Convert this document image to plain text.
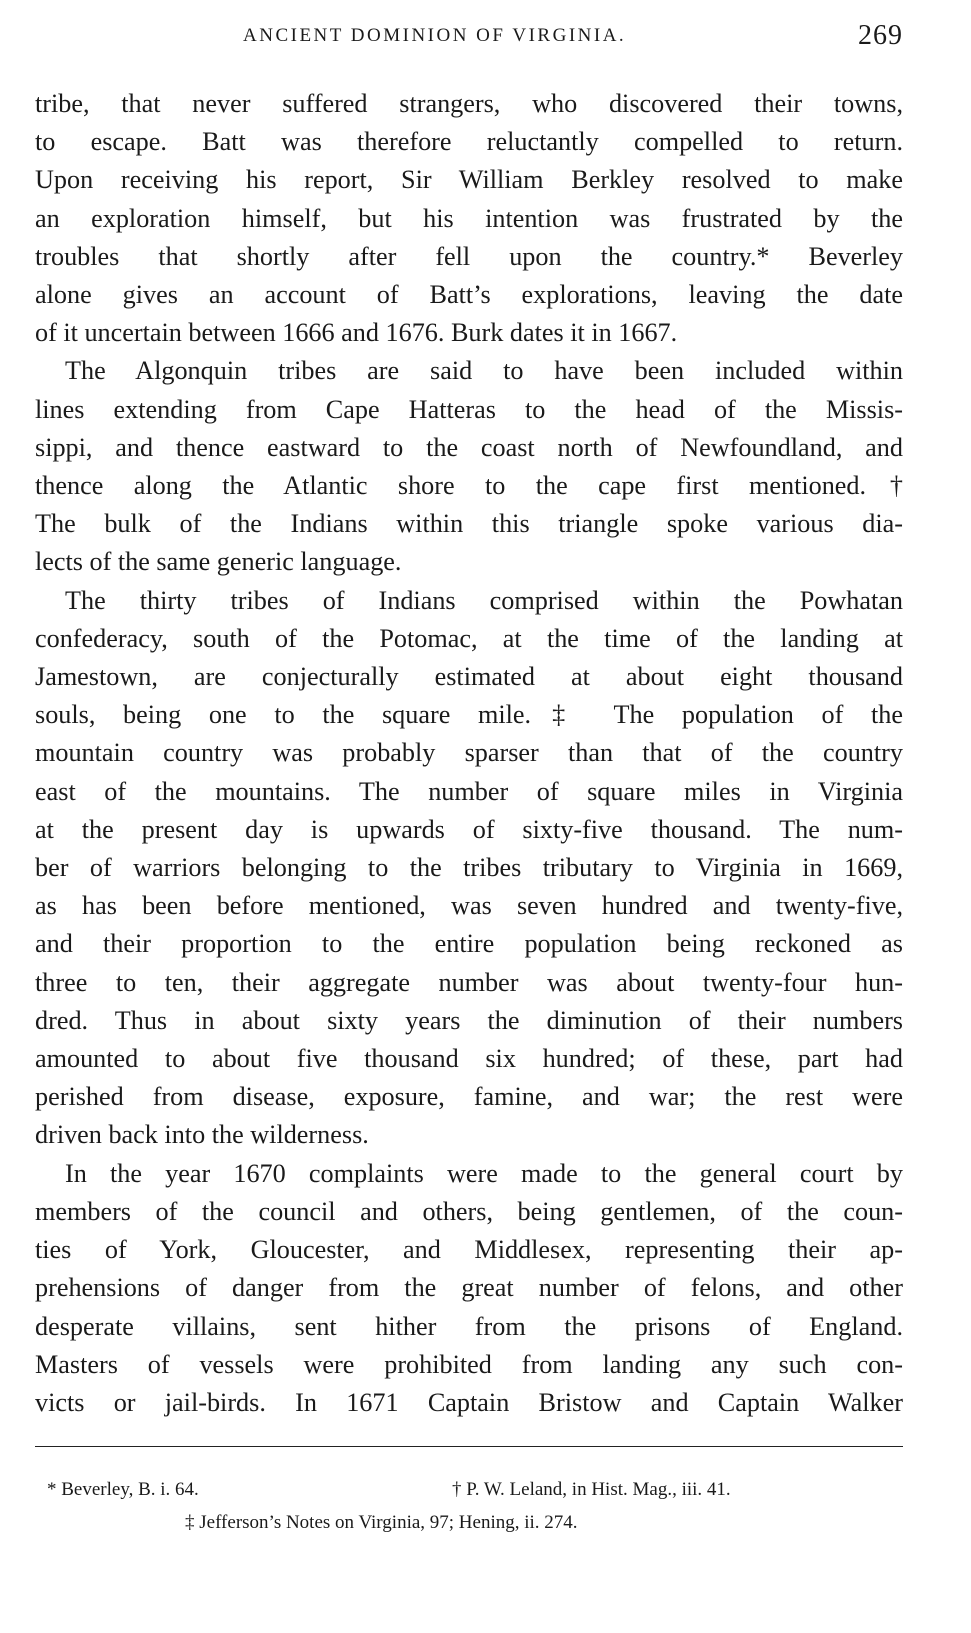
ANCIENT DOMINION OF VIRGINIA.	269
tribe, that never suffered strangers, who discovered their towns,
to escape. Batt was therefore reluctantly compelled to return.
Upon receiving his report, Sir William Berkley resolved to make
an exploration himself, but his intention was frustrated by the
troubles that shortly after fell upon the country.* Beverley
alone gives an account of Batt’s explorations, leaving the date
of it uncertain between 1666 and 1676. Burk dates it in 1667.
The Algonquin tribes are said to have been included within
lines extending from Cape Hatteras to the head of the Missis-
sippi, and thence eastward to the coast north of Newfoundland, and
thence along the Atlantic shore to the cape first mentioned.†
The bulk of the Indians within this triangle spoke various dia-
lects of the same generic language.
The thirty tribes of Indians comprised within the Powhatan
confederacy, south of the Potomac, at the time of the landing at
Jamestown, are conjecturally estimated at about eight thousand
souls, being one to the square mile.‡ The population of the
mountain country was probably sparser than that of the country
east of the mountains. The number of square miles in Virginia
at the present day is upwards of sixty-five thousand. The num-
ber of warriors belonging to the tribes tributary to Virginia in 1669,
as has been before mentioned, was seven hundred and twenty-five,
and their proportion to the entire population being reckoned as
three to ten, their aggregate number was about twenty-four hun-
dred. Thus in about sixty years the diminution of their numbers
amounted to about five thousand six hundred; of these, part had
perished from disease, exposure, famine, and war; the rest were
driven back into the wilderness.
In the year 1670 complaints were made to the general court by
members of the council and others, being gentlemen, of the coun-
ties of York, Gloucester, and Middlesex, representing their ap-
prehensions of danger from the great number of felons, and other
desperate villains, sent hither from the prisons of England.
Masters of vessels were prohibited from landing any such con-
victs or jail-birds. In 1671 Captain Bristow and Captain Walker
* Beverley, B. i. 64.	† P. W. Leland, in Hist. Mag., iii. 41.
‡ Jefferson’s Notes on Virginia, 97; Hening, ii. 274.
